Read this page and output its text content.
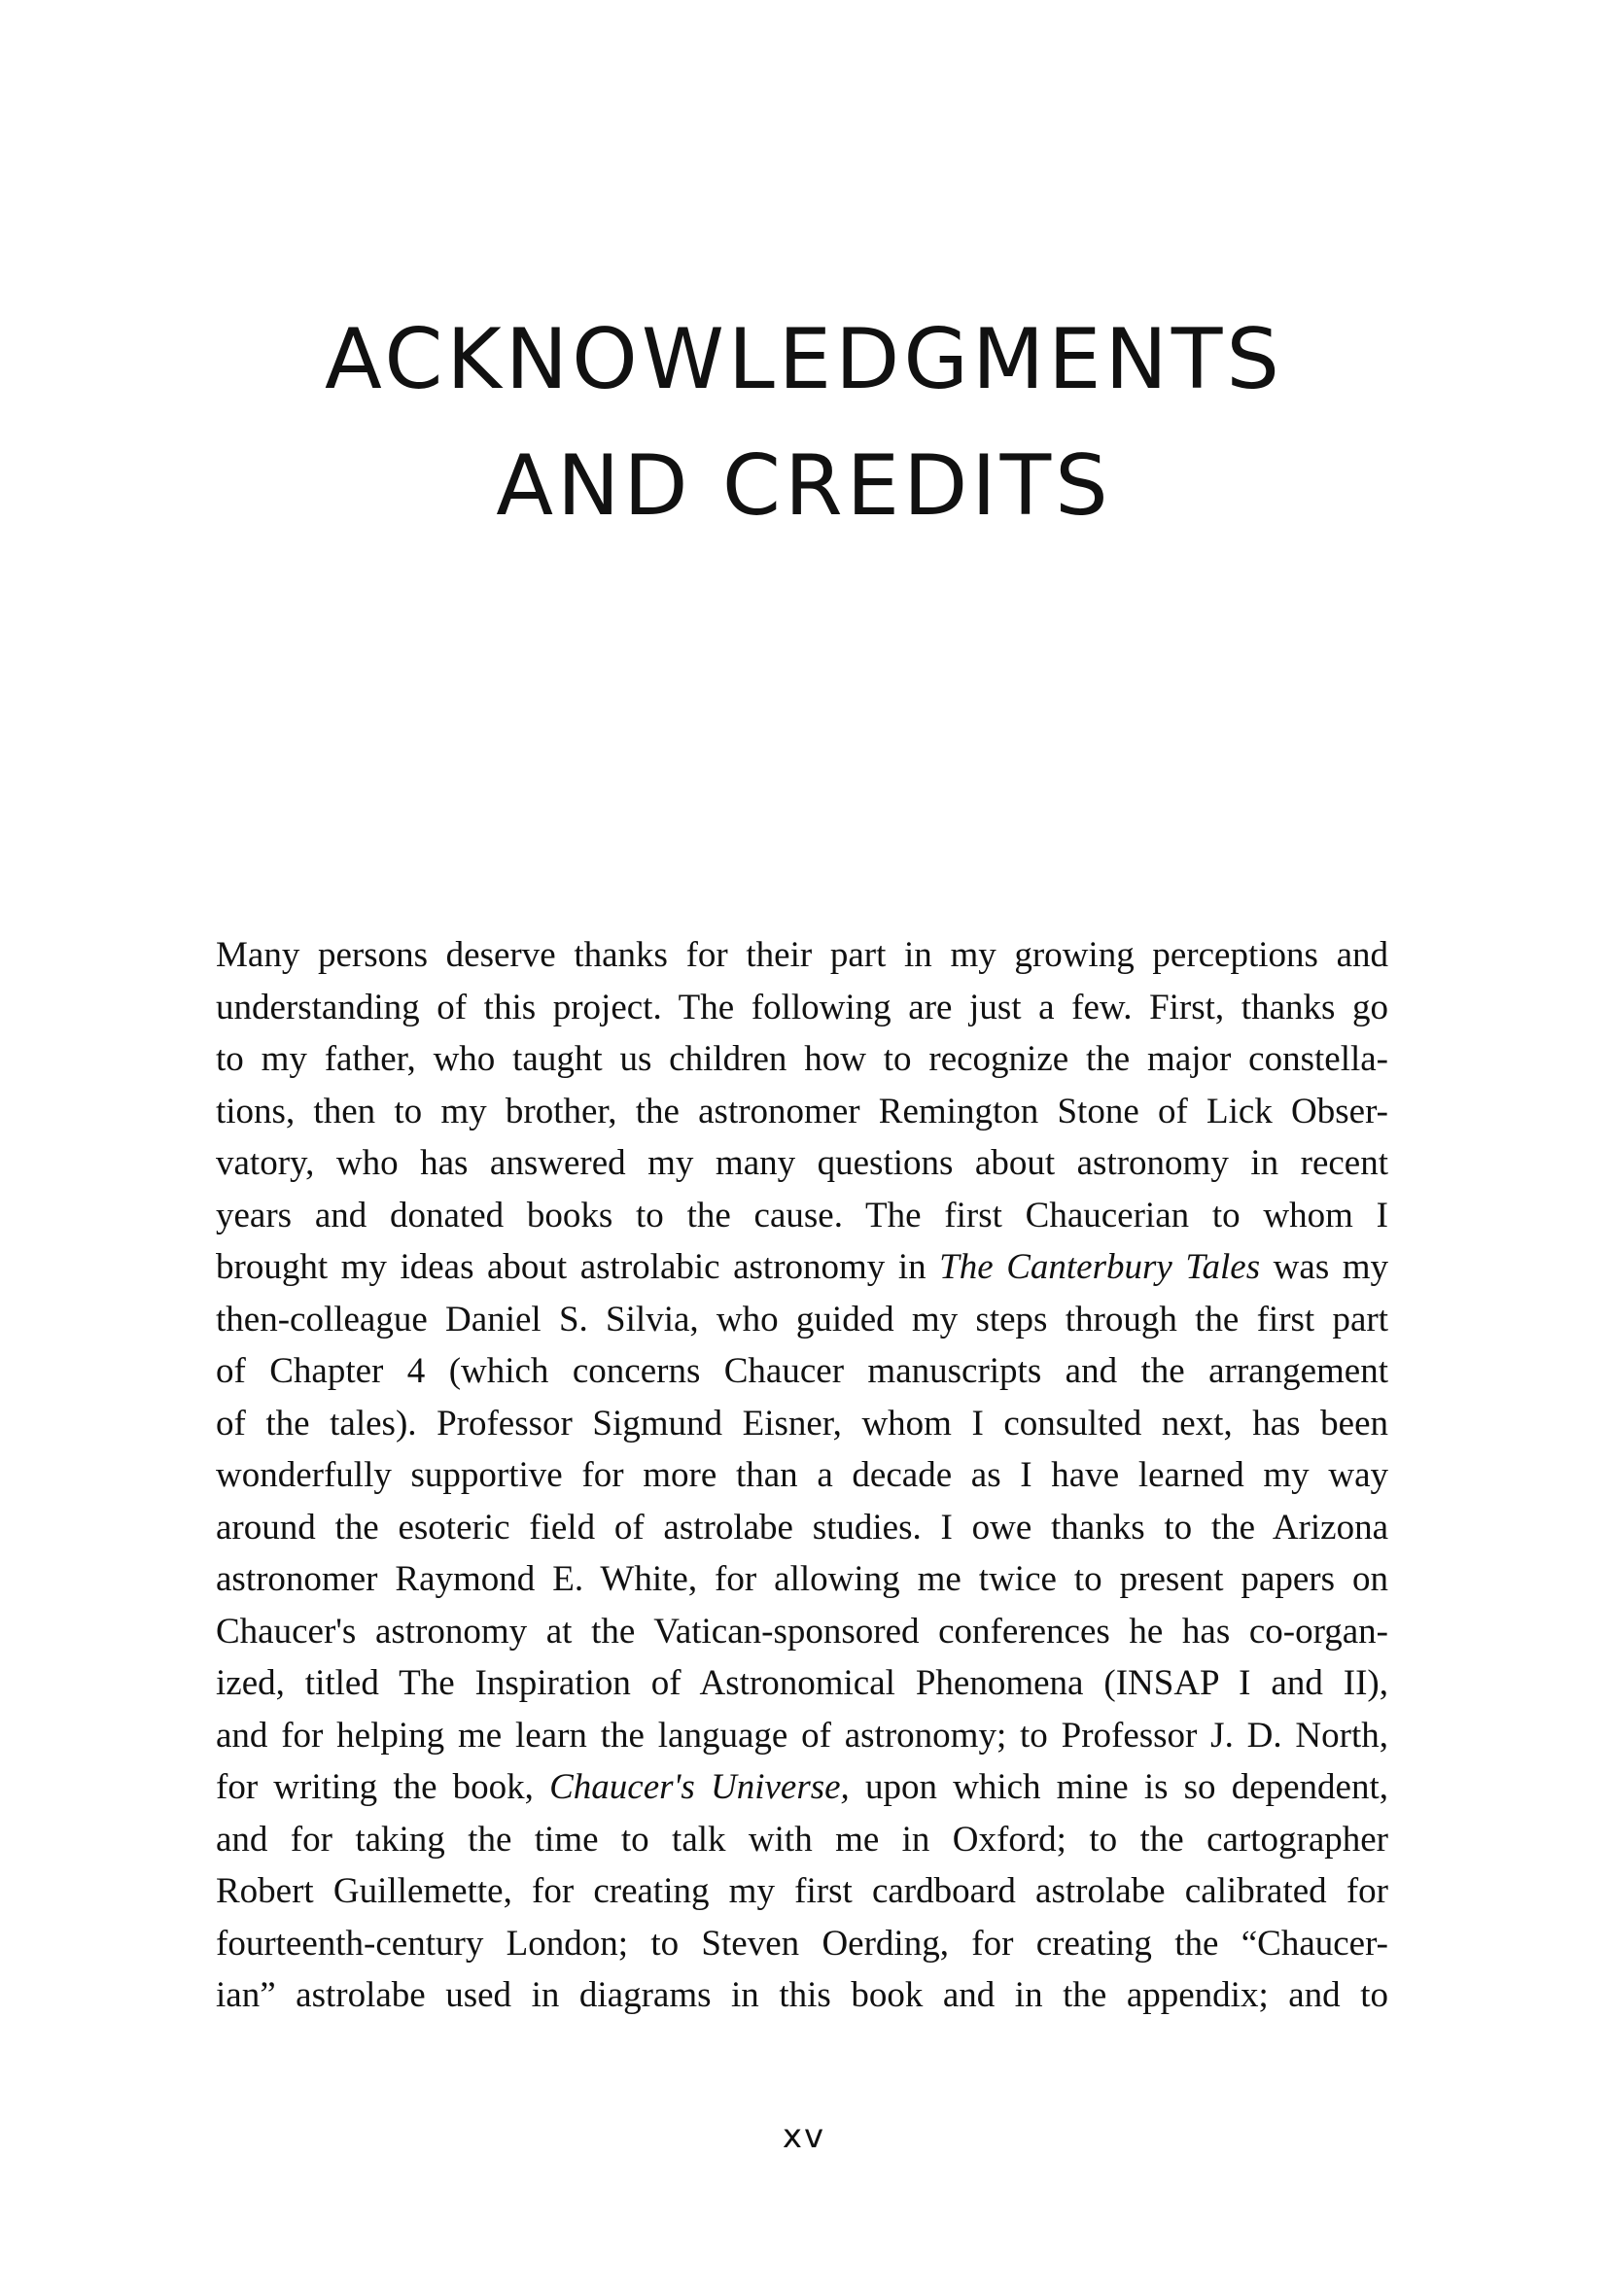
ACKNOWLEDGMENTS
AND CREDITS
Many persons deserve thanks for their part in my growing perceptions and
understanding of this project. The following are just a few. First, thanks go
to my father, who taught us children how to recognize the major constella-
tions, then to my brother, the astronomer Remington Stone of Lick Obser-
vatory, who has answered my many questions about astronomy in recent
years and donated books to the cause. The first Chaucerian to whom I
brought my ideas about astrolabic astronomy in The Canterbury Tales was my
then-colleague Daniel S. Silvia, who guided my steps through the first part
of Chapter 4 (which concerns Chaucer manuscripts and the arrangement
of the tales). Professor Sigmund Eisner, whom I consulted next, has been
wonderfully supportive for more than a decade as I have learned my way
around the esoteric field of astrolabe studies. I owe thanks to the Arizona
astronomer Raymond E. White, for allowing me twice to present papers on
Chaucer's astronomy at the Vatican-sponsored conferences he has co-organ-
ized, titled The Inspiration of Astronomical Phenomena (INSAP I and II),
and for helping me learn the language of astronomy; to Professor J. D. North,
for writing the book, Chaucer's Universe, upon which mine is so dependent,
and for taking the time to talk with me in Oxford; to the cartographer
Robert Guillemette, for creating my first cardboard astrolabe calibrated for
fourteenth-century London; to Steven Oerding, for creating the “Chaucer-
ian” astrolabe used in diagrams in this book and in the appendix; and to
xv
